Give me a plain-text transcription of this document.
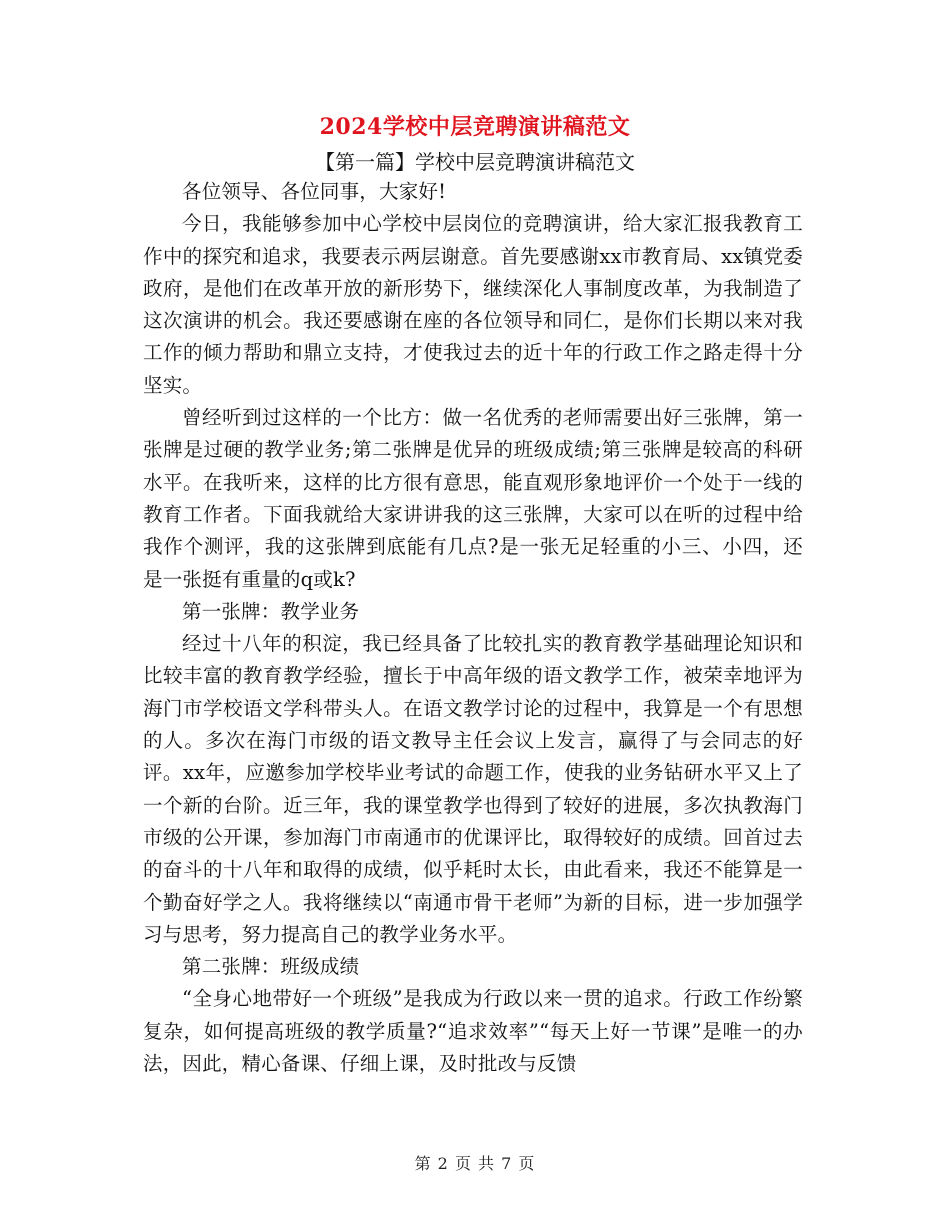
2024学校中层竞聘演讲稿范文
【第一篇】学校中层竞聘演讲稿范文

各位领导、各位同事，大家好!

今日，我能够参加中心学校中层岗位的竞聘演讲，给大家汇报我教育工作中的探究和追求，我要表示两层谢意。首先要感谢xx市教育局、xx镇党委政府，是他们在改革开放的新形势下，继续深化人事制度改革，为我制造了这次演讲的机会。我还要感谢在座的各位领导和同仁，是你们长期以来对我工作的倾力帮助和鼎立支持，才使我过去的近十年的行政工作之路走得十分坚实。

曾经听到过这样的一个比方：做一名优秀的老师需要出好三张牌，第一张牌是过硬的教学业务;第二张牌是优异的班级成绩;第三张牌是较高的科研水平。在我听来，这样的比方很有意思，能直观形象地评价一个处于一线的教育工作者。下面我就给大家讲讲我的这三张牌，大家可以在听的过程中给我作个测评，我的这张牌到底能有几点?是一张无足轻重的小三、小四，还是一张挺有重量的q或k?

第一张牌：教学业务

经过十八年的积淀，我已经具备了比较扎实的教育教学基础理论知识和比较丰富的教育教学经验，擅长于中高年级的语文教学工作，被荣幸地评为海门市学校语文学科带头人。在语文教学讨论的过程中，我算是一个有思想的人。多次在海门市级的语文教导主任会议上发言，赢得了与会同志的好评。xx年，应邀参加学校毕业考试的命题工作，使我的业务钻研水平又上了一个新的台阶。近三年，我的课堂教学也得到了较好的进展，多次执教海门市级的公开课，参加海门市南通市的优课评比，取得较好的成绩。回首过去的奋斗的十八年和取得的成绩，似乎耗时太长，由此看来，我还不能算是一个勤奋好学之人。我将继续以“南通市骨干老师”为新的目标，进一步加强学习与思考，努力提高自己的教学业务水平。

第二张牌：班级成绩

“全身心地带好一个班级”是我成为行政以来一贯的追求。行政工作纷繁复杂，如何提高班级的教学质量?“追求效率”“每天上好一节课”是唯一的办法，因此，精心备课、仔细上课，及时批改与反馈

第 2 页 共 7 页
